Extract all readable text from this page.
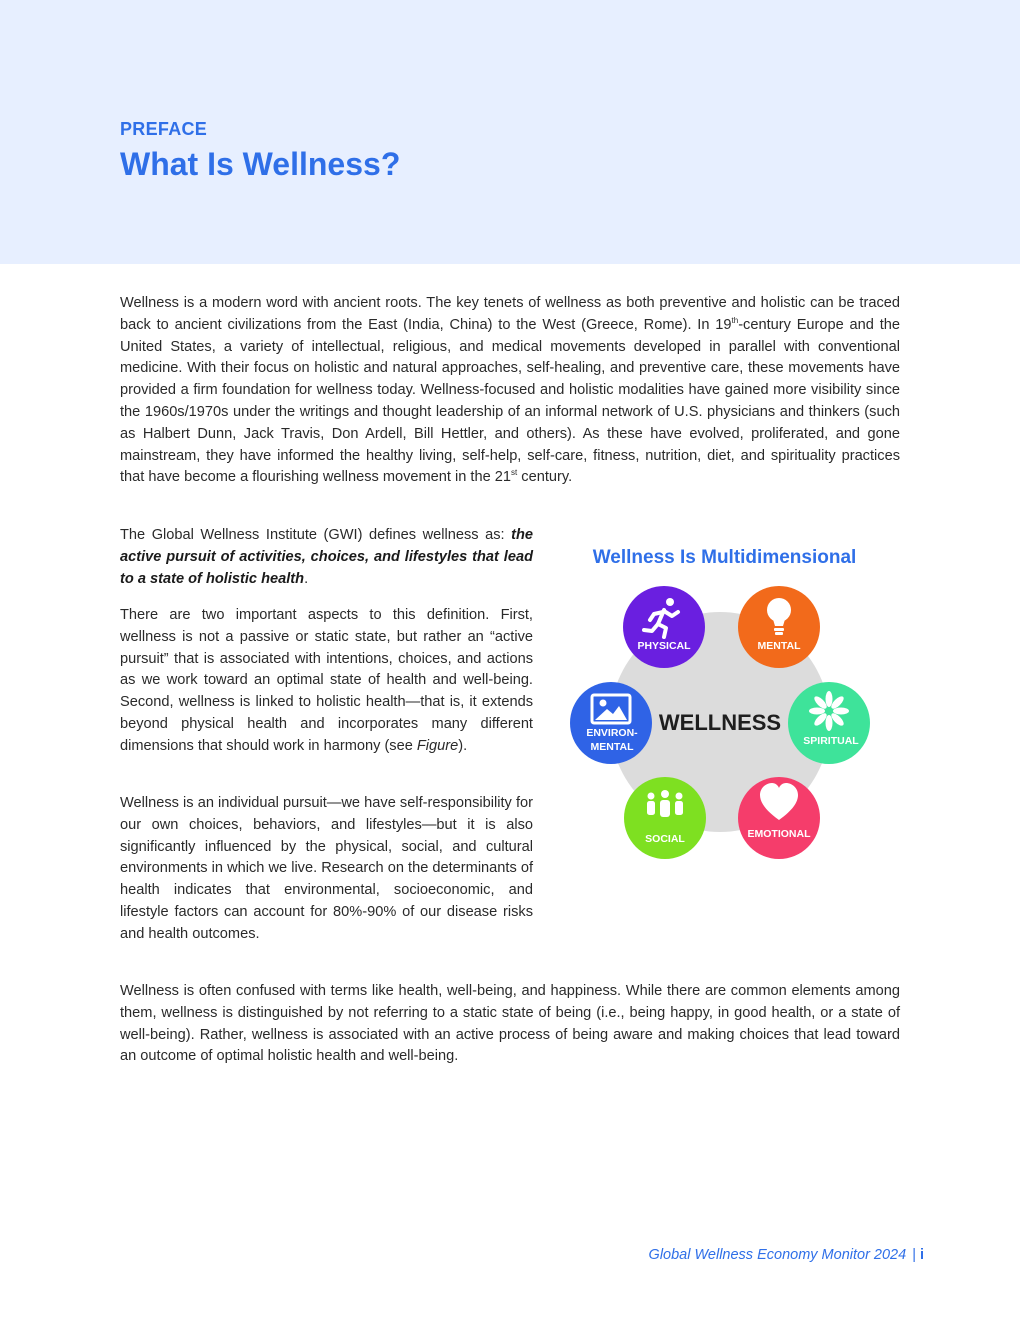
PREFACE
What Is Wellness?

Wellness is a modern word with ancient roots. The key tenets of wellness as both preventive and holistic can be traced back to ancient civilizations from the East (India, China) to the West (Greece, Rome). In 19th-century Europe and the United States, a variety of intellectual, religious, and medical movements developed in parallel with conventional medicine. With their focus on holistic and natural approaches, self-healing, and preventive care, these movements have provided a firm foundation for wellness today. Wellness-focused and holistic modalities have gained more visibility since the 1960s/1970s under the writings and thought leadership of an informal network of U.S. physicians and thinkers (such as Halbert Dunn, Jack Travis, Don Ardell, Bill Hettler, and others). As these have evolved, proliferated, and gone mainstream, they have informed the healthy living, self-help, self-care, fitness, nutrition, diet, and spirituality practices that have become a flourishing wellness movement in the 21st century.

The Global Wellness Institute (GWI) defines wellness as: the active pursuit of activities, choices, and lifestyles that lead to a state of holistic health.

There are two important aspects to this definition. First, wellness is not a passive or static state, but rather an “active pursuit” that is associated with intentions, choices, and actions as we work toward an optimal state of health and well-being. Second, wellness is linked to holistic health—that is, it extends beyond physical health and incorporates many different dimensions that should work in harmony (see Figure).

Wellness is an individual pursuit—we have self-responsibility for our own choices, behaviors, and lifestyles—but it is also significantly influenced by the physical, social, and cultural environments in which we live. Research on the determinants of health indicates that environmental, socioeconomic, and lifestyle factors can account for 80%-90% of our disease risks and health outcomes.

Wellness is often confused with terms like health, well-being, and happiness. While there are common elements among them, wellness is distinguished by not referring to a static state of being (i.e., being happy, in good health, or a state of well-being). Rather, wellness is associated with an active process of being aware and making choices that lead toward an outcome of optimal holistic health and well-being.

Wellness Is Multidimensional
WELLNESS
PHYSICAL	MENTAL
SPIRITUAL
EMOTIONAL
SOCIAL
ENVIRON-
MENTAL
Global Wellness Economy Monitor 2024 | i
